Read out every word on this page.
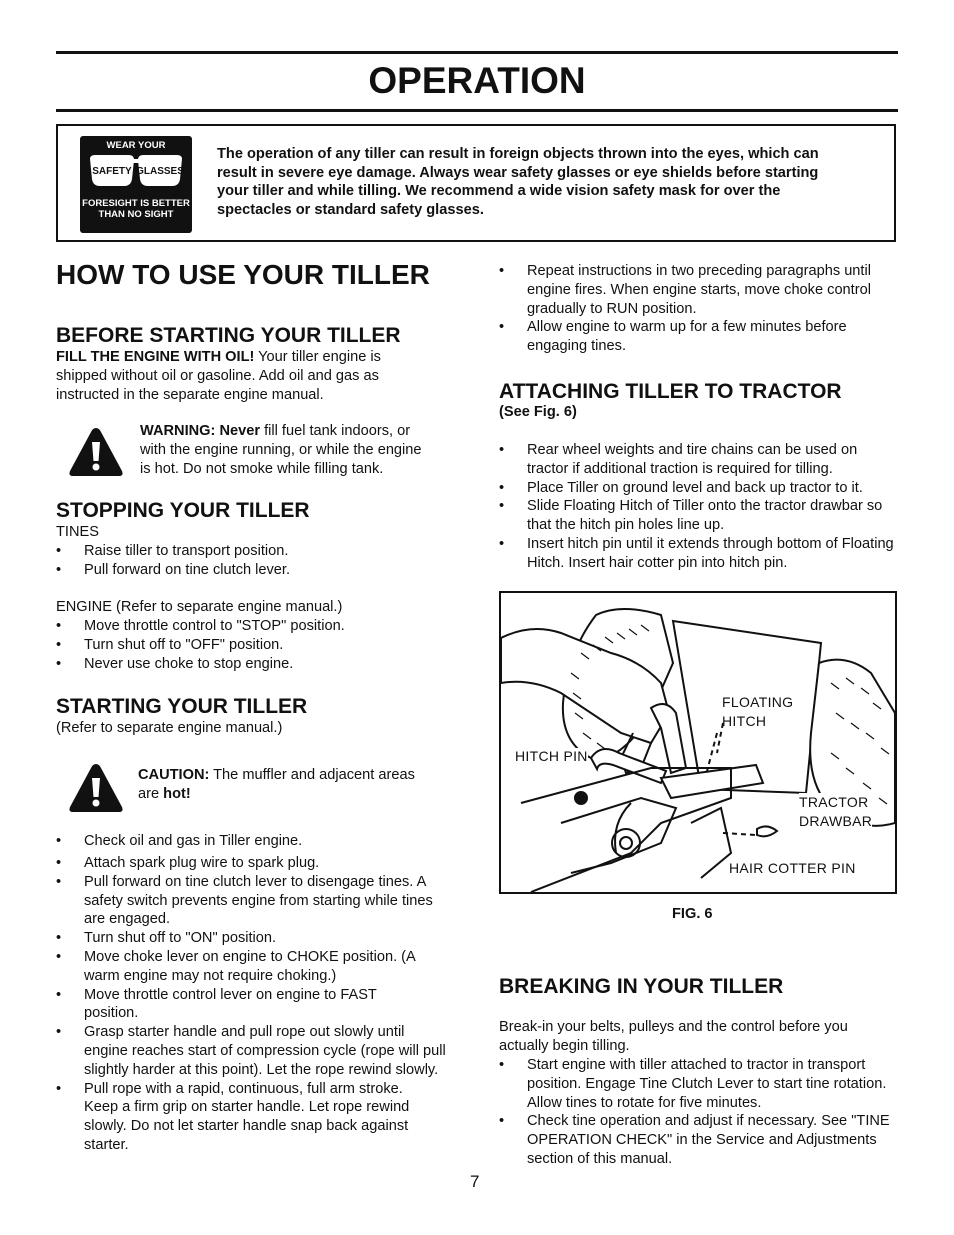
OPERATION
WEAR YOUR
SAFETY GLASSES
FORESIGHT IS BETTER
THAN NO SIGHT
The operation of any tiller can result in foreign objects thrown into the eyes, which can
result in severe eye damage. Always wear safety glasses or eye shields before starting
your tiller and while tilling. We recommend a wide vision safety mask for over the
spectacles or standard safety glasses.
HOW TO USE YOUR TILLER
BEFORE STARTING YOUR TILLER
FILL THE ENGINE WITH OIL! Your tiller engine is
shipped without oil or gasoline. Add oil and gas as
instructed in the separate engine manual.
WARNING: Never fill fuel tank indoors, or
with the engine running, or while the engine
is hot. Do not smoke while filling tank.
STOPPING YOUR TILLER
TINES
• Raise tiller to transport position.
• Pull forward on tine clutch lever.
ENGINE (Refer to separate engine manual.)
• Move throttle control to "STOP" position.
• Turn shut off to "OFF" position.
• Never use choke to stop engine.
STARTING YOUR TILLER
(Refer to separate engine manual.)
CAUTION: The muffler and adjacent areas
are hot!
• Check oil and gas in Tiller engine.
• Attach spark plug wire to spark plug.
• Pull forward on tine clutch lever to disengage tines. A safety switch prevents engine from starting while tines are engaged.
• Turn shut off to "ON" position.
• Move choke lever on engine to CHOKE position. (A warm engine may not require choking.)
• Move throttle control lever on engine to FAST position.
• Grasp starter handle and pull rope out slowly until engine reaches start of compression cycle (rope will pull slightly harder at this point). Let the rope rewind slowly.
• Pull rope with a rapid, continuous, full arm stroke. Keep a firm grip on starter handle. Let rope rewind slowly. Do not let starter handle snap back against starter.
• Repeat instructions in two preceding paragraphs until engine fires. When engine starts, move choke control gradually to RUN position.
• Allow engine to warm up for a few minutes before engaging tines.
ATTACHING TILLER TO TRACTOR
(See Fig. 6)
• Rear wheel weights and tire chains can be used on tractor if additional traction is required for tilling.
• Place Tiller on ground level and back up tractor to it.
• Slide Floating Hitch of Tiller onto the tractor drawbar so that the hitch pin holes line up.
• Insert hitch pin until it extends through bottom of Floating Hitch. Insert hair cotter pin into hitch pin.
FLOATING
HITCH
HITCH PIN
TRACTOR
DRAWBAR
HAIR COTTER PIN
FIG. 6
BREAKING IN YOUR TILLER
Break-in your belts, pulleys and the control before you
actually begin tilling.
• Start engine with tiller attached to tractor in transport position. Engage Tine Clutch Lever to start tine rotation. Allow tines to rotate for five minutes.
• Check tine operation and adjust if necessary. See "TINE OPERATION CHECK" in the Service and Adjustments section of this manual.
7
